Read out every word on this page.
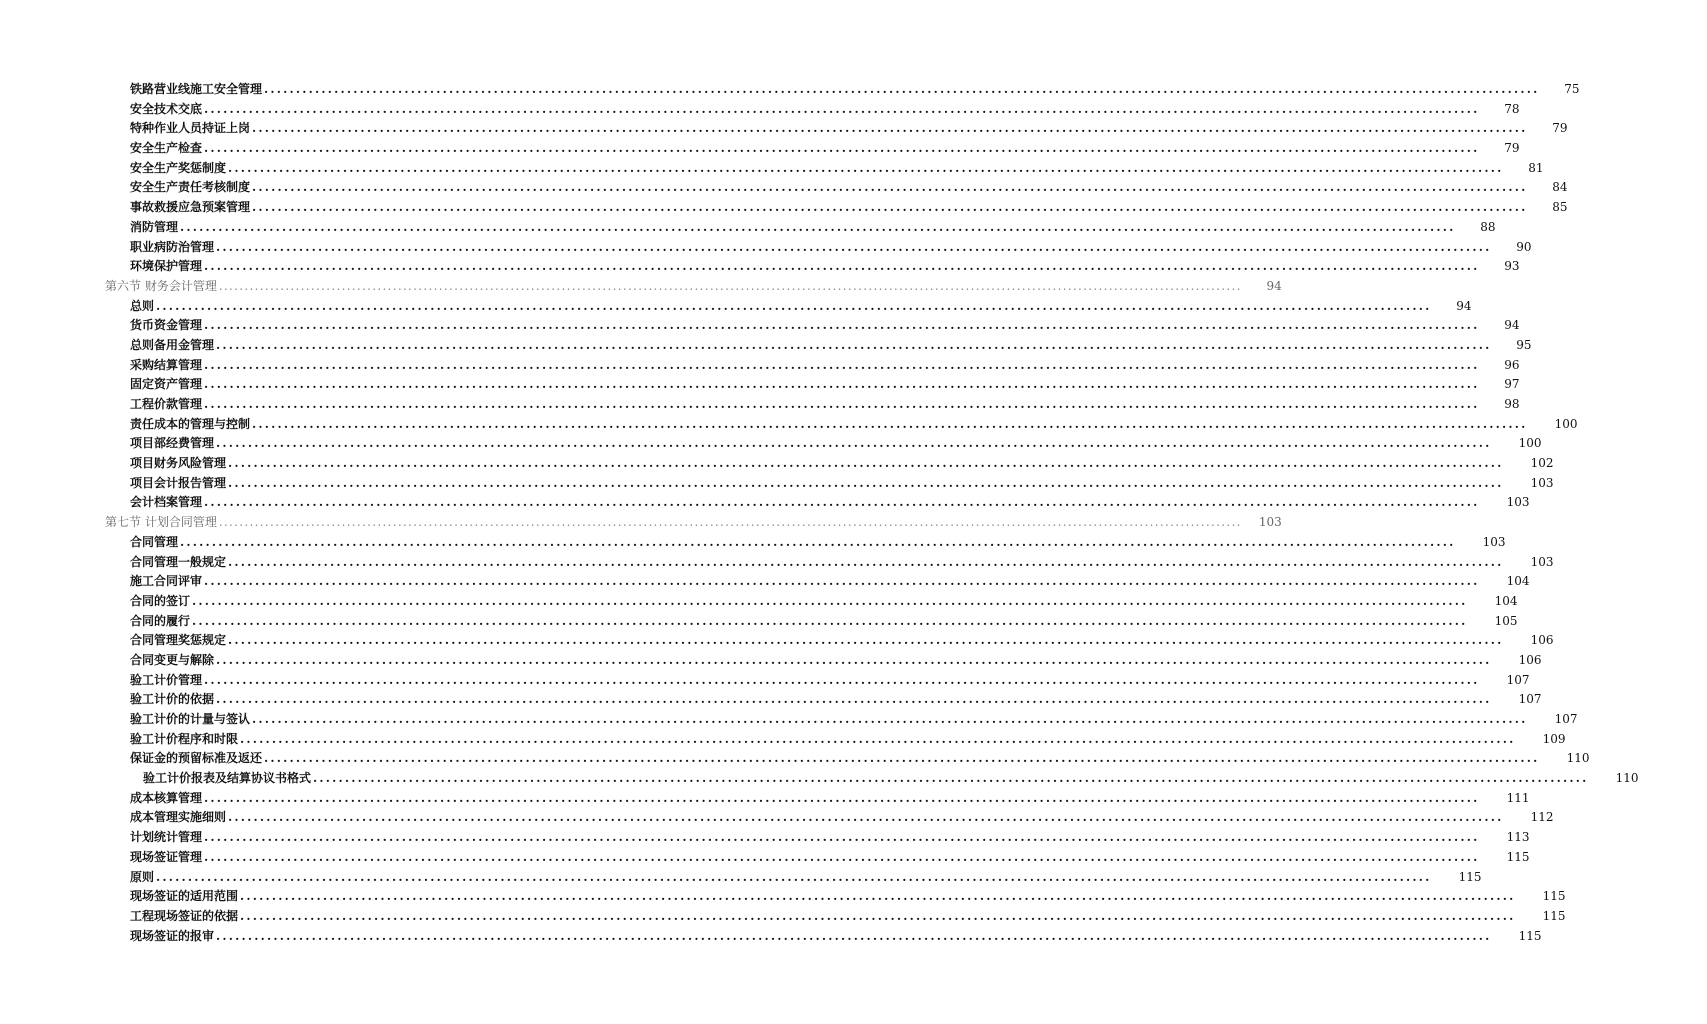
铁路营业线施工安全管理 ........................................................................................................................................................................................................	75
安全技术交底 ........................................................................................................................................................................................................	78
特种作业人员持证上岗 ........................................................................................................................................................................................................	79
安全生产检查 ........................................................................................................................................................................................................	79
安全生产奖惩制度 ........................................................................................................................................................................................................	81
安全生产责任考核制度 ........................................................................................................................................................................................................	84
事故救援应急预案管理 ........................................................................................................................................................................................................	85
消防管理 ........................................................................................................................................................................................................	88
职业病防治管理 ........................................................................................................................................................................................................	90
环境保护管理 ........................................................................................................................................................................................................	93
第六节 财务会计管理 ........................................................................................................................................................................................................	94
总则 ........................................................................................................................................................................................................	94
货币资金管理 ........................................................................................................................................................................................................	94
总则备用金管理 ........................................................................................................................................................................................................	95
采购结算管理 ........................................................................................................................................................................................................	96
固定资产管理 ........................................................................................................................................................................................................	97
工程价款管理 ........................................................................................................................................................................................................	98
责任成本的管理与控制 ........................................................................................................................................................................................................	100
项目部经费管理 ........................................................................................................................................................................................................	100
项目财务风险管理 ........................................................................................................................................................................................................	102
项目会计报告管理 ........................................................................................................................................................................................................	103
会计档案管理 ........................................................................................................................................................................................................	103
第七节 计划合同管理 ........................................................................................................................................................................................................	103
合同管理 ........................................................................................................................................................................................................	103
合同管理一般规定 ........................................................................................................................................................................................................	103
施工合同评审 ........................................................................................................................................................................................................	104
合同的签订 ........................................................................................................................................................................................................	104
合同的履行 ........................................................................................................................................................................................................	105
合同管理奖惩规定 ........................................................................................................................................................................................................	106
合同变更与解除 ........................................................................................................................................................................................................	106
验工计价管理 ........................................................................................................................................................................................................	107
验工计价的依据 ........................................................................................................................................................................................................	107
验工计价的计量与签认 ........................................................................................................................................................................................................	107
验工计价程序和时限 ........................................................................................................................................................................................................	109
保证金的预留标准及返还 ........................................................................................................................................................................................................	110
验工计价报表及结算协议书格式 ........................................................................................................................................................................................................	110
成本核算管理 ........................................................................................................................................................................................................	111
成本管理实施细则 ........................................................................................................................................................................................................	112
计划统计管理 ........................................................................................................................................................................................................	113
现场签证管理 ........................................................................................................................................................................................................	115
原则 ........................................................................................................................................................................................................	115
现场签证的适用范围 ........................................................................................................................................................................................................	115
工程现场签证的依据 ........................................................................................................................................................................................................	115
现场签证的报审 ........................................................................................................................................................................................................	115
